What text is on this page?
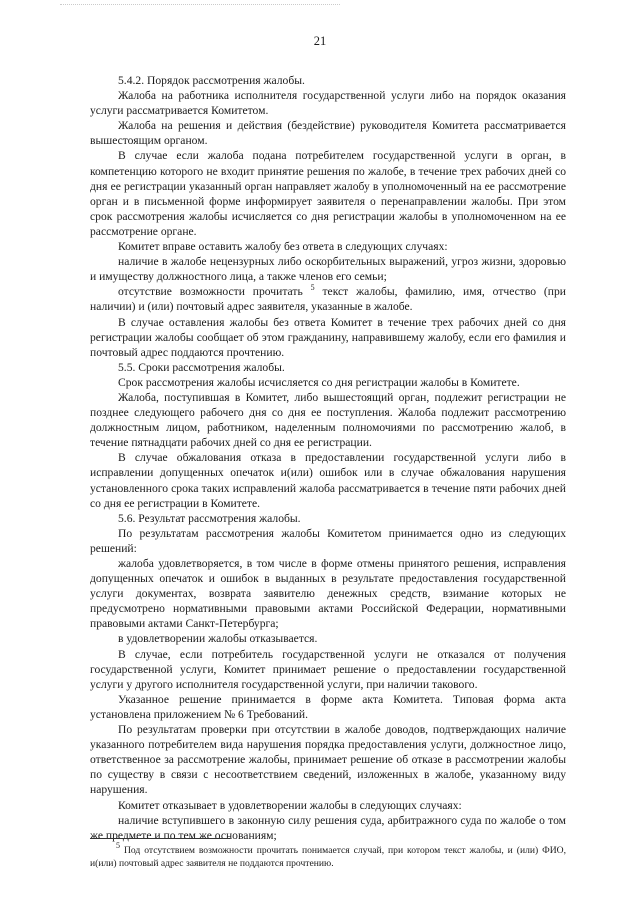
21

5.4.2. Порядок рассмотрения жалобы.

Жалоба на работника исполнителя государственной услуги либо на порядок оказания услуги рассматривается Комитетом.

Жалоба на решения и действия (бездействие) руководителя Комитета рассматривается вышестоящим органом.

В случае если жалоба подана потребителем государственной услуги в орган, в компетенцию которого не входит принятие решения по жалобе, в течение трех рабочих дней со дня ее регистрации указанный орган направляет жалобу в уполномоченный на ее рассмотрение орган и в письменной форме информирует заявителя о перенаправлении жалобы. При этом срок рассмотрения жалобы исчисляется со дня регистрации жалобы в уполномоченном на ее рассмотрение органе.

Комитет вправе оставить жалобу без ответа в следующих случаях:

наличие в жалобе нецензурных либо оскорбительных выражений, угроз жизни, здоровью и имуществу должностного лица, а также членов его семьи;

отсутствие возможности прочитать $^5$ текст жалобы, фамилию, имя, отчество (при наличии) и (или) почтовый адрес заявителя, указанные в жалобе.

В случае оставления жалобы без ответа Комитет в течение трех рабочих дней со дня регистрации жалобы сообщает об этом гражданину, направившему жалобу, если его фамилия и почтовый адрес поддаются прочтению.

5.5. Сроки рассмотрения жалобы.

Срок рассмотрения жалобы исчисляется со дня регистрации жалобы в Комитете.

Жалоба, поступившая в Комитет, либо вышестоящий орган, подлежит регистрации не позднее следующего рабочего дня со дня ее поступления. Жалоба подлежит рассмотрению должностным лицом, работником, наделенным полномочиями по рассмотрению жалоб, в течение пятнадцати рабочих дней со дня ее регистрации.

В случае обжалования отказа в предоставлении государственной услуги либо в исправлении допущенных опечаток и(или) ошибок или в случае обжалования нарушения установленного срока таких исправлений жалоба рассматривается в течение пяти рабочих дней со дня ее регистрации в Комитете.

5.6. Результат рассмотрения жалобы.

По результатам рассмотрения жалобы Комитетом принимается одно из следующих решений:

жалоба удовлетворяется, в том числе в форме отмены принятого решения, исправления допущенных опечаток и ошибок в выданных в результате предоставления государственной услуги документах, возврата заявителю денежных средств, взимание которых не предусмотрено нормативными правовыми актами Российской Федерации, нормативными правовыми актами Санкт-Петербурга;

в удовлетворении жалобы отказывается.

В случае, если потребитель государственной услуги не отказался от получения государственной услуги, Комитет принимает решение о предоставлении государственной услуги у другого исполнителя государственной услуги, при наличии такового.

Указанное решение принимается в форме акта Комитета. Типовая форма акта установлена приложением № 6 Требований.

По результатам проверки при отсутствии в жалобе доводов, подтверждающих наличие указанного потребителем вида нарушения порядка предоставления услуги, должностное лицо, ответственное за рассмотрение жалобы, принимает решение об отказе в рассмотрении жалобы по существу в связи с несоответствием сведений, изложенных в жалобе, указанному виду нарушения.

Комитет отказывает в удовлетворении жалобы в следующих случаях:

наличие вступившего в законную силу решения суда, арбитражного суда по жалобе о том же предмете и по тем же основаниям;

$^5$ Под отсутствием возможности прочитать понимается случай, при котором текст жалобы, и (или) ФИО, и(или) почтовый адрес заявителя не поддаются прочтению.
